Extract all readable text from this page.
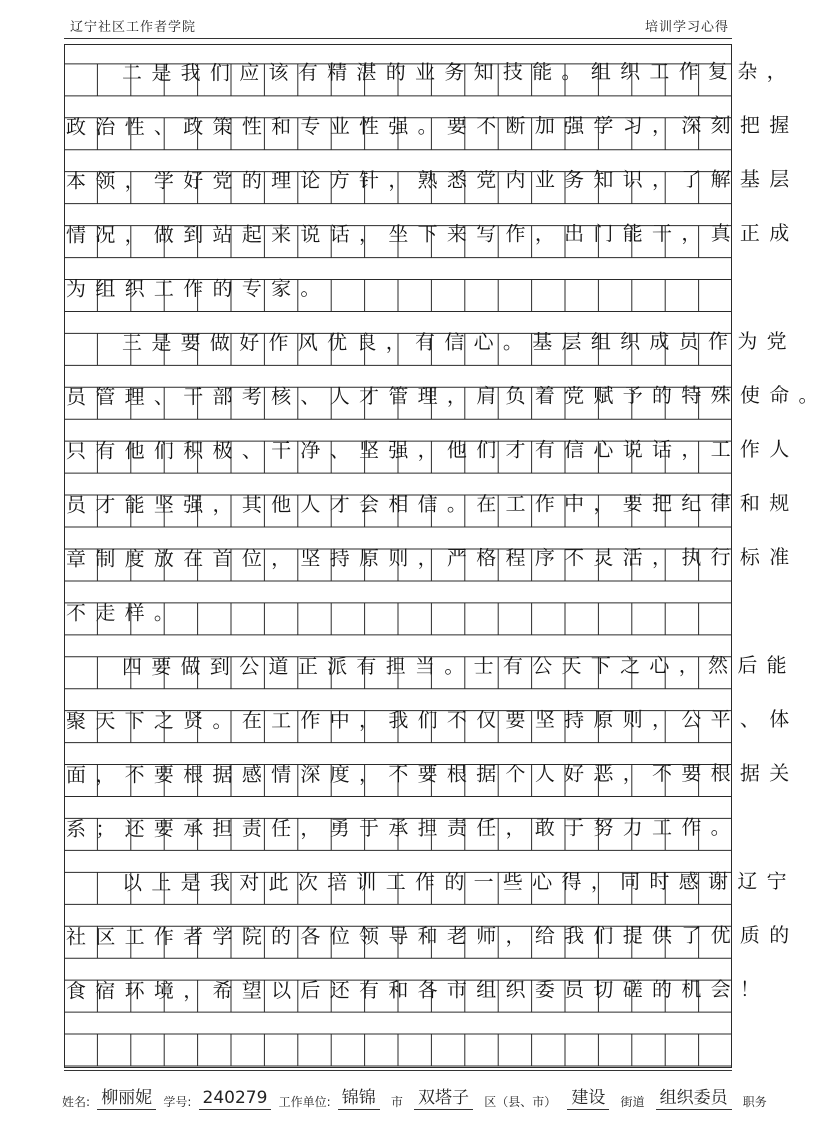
辽宁社区工作者学院	培训学习心得
二是我们应该有精湛的业务知技能。组织工作复杂，
政治性、政策性和专业性强。要不断加强学习，深刻把握
本领，学好党的理论方针，熟悉党内业务知识，了解基层
情况，做到站起来说话，坐下来写作，出门能干，真正成
为组织工作的专家。
三是要做好作风优良，有信心。基层组织成员作为党
员管理、干部考核、人才管理，肩负着党赋予的特殊使命。
只有他们积极、干净、坚强，他们才有信心说话，工作人
员才能坚强，其他人才会相信。在工作中，要把纪律和规
章制度放在首位，坚持原则，严格程序不灵活，执行标准
不走样。
四要做到公道正派有担当。士有公天下之心，然后能
聚天下之贤。在工作中，我们不仅要坚持原则，公平、体
面，不要根据感情深度，不要根据个人好恶，不要根据关
系；还要承担责任，勇于承担责任，敢于努力工作。
以上是我对此次培训工作的一些心得，同时感谢辽宁
社区工作者学院的各位领导和老师，给我们提供了优质的
食宿环境，希望以后还有和各市组织委员切磋的机会！
姓名: 柳丽妮 学号: 240279 工作单位: 锦锦 市 双塔子 区（县、市） 建设 街道 组织委员 职务
